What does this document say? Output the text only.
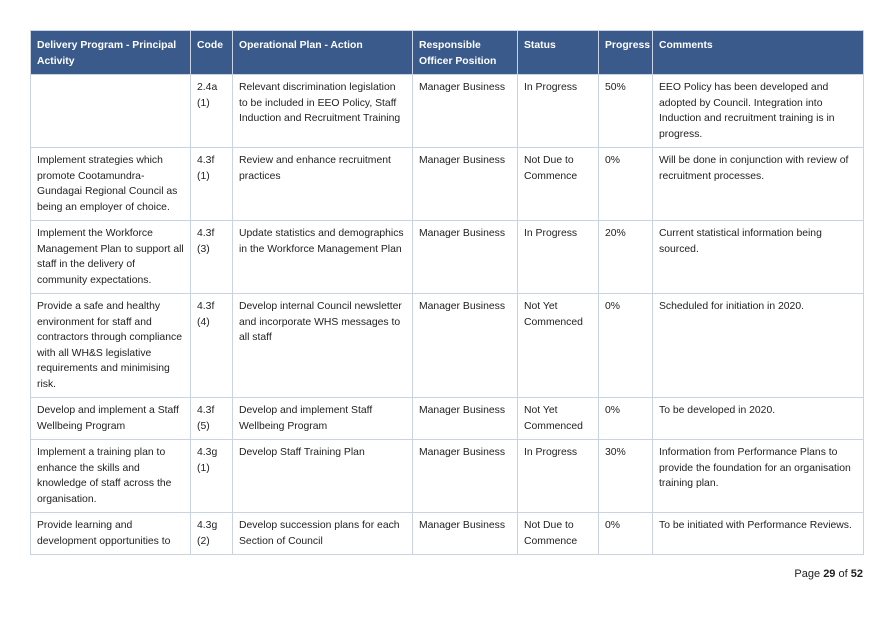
Delivery Program - Principal Activity	Code	Operational Plan - Action	Responsible Officer Position	Status	Progress	Comments
	2.4a (1)	Relevant discrimination legislation to be included in EEO Policy, Staff Induction and Recruitment Training	Manager Business	In Progress	50%	EEO Policy has been developed and adopted by Council. Integration into Induction and recruitment training is in progress.
Implement strategies which promote Cootamundra-Gundagai Regional Council as being an employer of choice.	4.3f (1)	Review and enhance recruitment practices	Manager Business	Not Due to Commence	0%	Will be done in conjunction with review of recruitment processes.
Implement the Workforce Management Plan to support all staff in the delivery of community expectations.	4.3f (3)	Update statistics and demographics in the Workforce Management Plan	Manager Business	In Progress	20%	Current statistical information being sourced.
Provide a safe and healthy environment for staff and contractors through compliance with all WH&S legislative requirements and minimising risk.	4.3f (4)	Develop internal Council newsletter and incorporate WHS messages to all staff	Manager Business	Not Yet Commenced	0%	Scheduled for initiation in 2020.
Develop and implement a Staff Wellbeing Program	4.3f (5)	Develop and implement Staff Wellbeing Program	Manager Business	Not Yet Commenced	0%	To be developed in 2020.
Implement a training plan to enhance the skills and knowledge of staff across the organisation.	4.3g (1)	Develop Staff Training Plan	Manager Business	In Progress	30%	Information from Performance Plans to provide the foundation for an organisation training plan.
Provide learning and development opportunities to	4.3g (2)	Develop succession plans for each Section of Council	Manager Business	Not Due to Commence	0%	To be initiated with Performance Reviews.
Page 29 of 52
